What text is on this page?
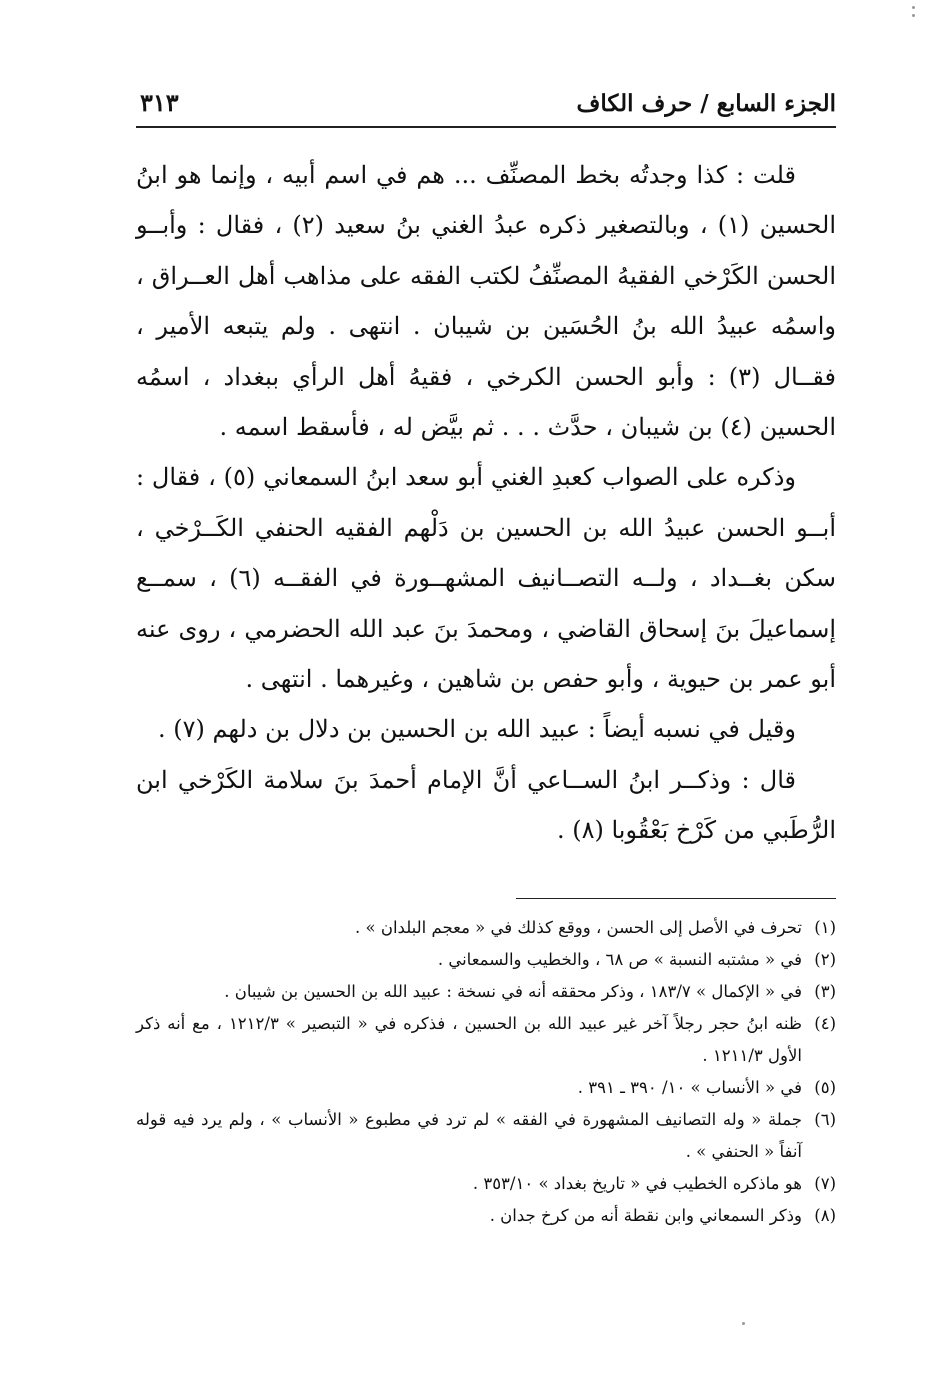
الجزء السابع / حرف الكاف
٣١٣

قلت : كذا وجدتُه بخط المصنِّف ... هم في اسم أبيه ، وإنما هو ابنُ الحسين (١) ، وبالتصغير ذكره عبدُ الغني بنُ سعيد (٢) ، فقال : وأبــو الحسن الكَرْخي الفقيهُ المصنِّفُ لكتب الفقه على مذاهب أهل العــراق ، واسمُه عبيدُ الله بنُ الحُسَين بن شيبان . انتهى . ولم يتبعه الأمير ، فقــال (٣) : وأبو الحسن الكرخي ، فقيهُ أهل الرأي ببغداد ، اسمُه الحسين (٤) بن شيبان ، حدَّث . . . ثم بيَّض له ، فأسقط اسمه .

وذكره على الصواب كعبدِ الغني أبو سعد ابنُ السمعاني (٥) ، فقال : أبــو الحسن عبيدُ الله بن الحسين بن دَلْهم الفقيه الحنفي الكَــرْخي ، سكن بغــداد ، ولــه التصــانيف المشهــورة في الفقــه (٦) ، سمــع إسماعيلَ بنَ إسحاق القاضي ، ومحمدَ بنَ عبد الله الحضرمي ، روى عنه أبو عمر بن حيوية ، وأبو حفص بن شاهين ، وغيرهما . انتهى .

وقيل في نسبه أيضاً : عبيد الله بن الحسين بن دلال بن دلهم (٧) .

قال : وذكــر ابنُ الســاعي أنَّ الإمام أحمدَ بنَ سلامة الكَرْخي ابن الرُّطَبي من كَرْخ بَعْقُوبا (٨) .

(١)
تحرف في الأصل إلى الحسن ، ووقع كذلك في « معجم البلدان » .
(٢)
في « مشتبه النسبة » ص ٦٨ ، والخطيب والسمعاني .
(٣)
في « الإكمال » ١٨٣/٧ ، وذكر محققه أنه في نسخة : عبيد الله بن الحسين بن شيبان .
(٤)
ظنه ابنُ حجر رجلاً آخر غير عبيد الله بن الحسين ، فذكره في « التبصير » ١٢١٢/٣ ، مع أنه ذكر الأول ١٢١١/٣ .
(٥)
في « الأنساب » ١٠/ ٣٩٠ ـ ٣٩١ .
(٦)
جملة « وله التصانيف المشهورة في الفقه » لم ترد في مطبوع « الأنساب » ، ولم يرد فيه قوله آنفاً « الحنفي » .
(٧)
هو ماذكره الخطيب في « تاريخ بغداد » ٣٥٣/١٠ .
(٨)
وذكر السمعاني وابن نقطة أنه من كرخ جدان .
